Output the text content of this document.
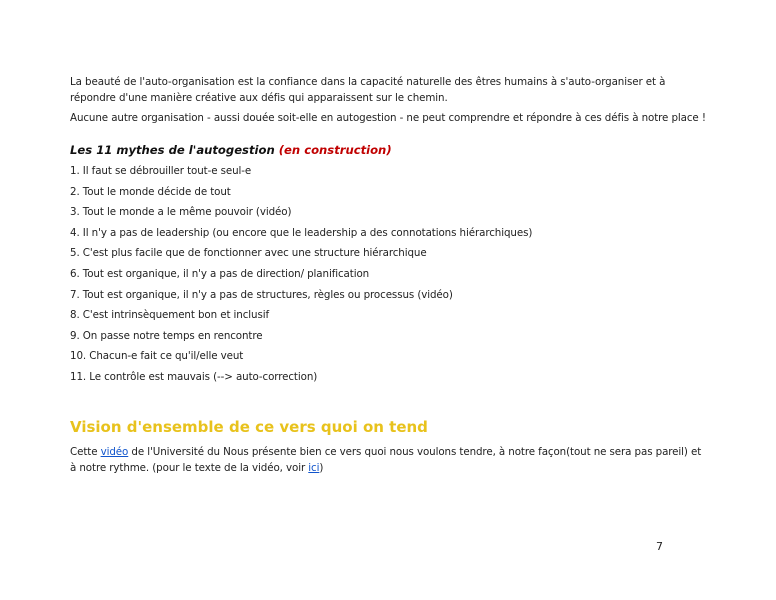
La beauté de l'auto-organisation est la confiance dans la capacité naturelle des êtres humains à s'auto-organiser et à répondre d'une manière créative aux défis qui apparaissent sur le chemin.

Aucune autre organisation - aussi douée soit-elle en autogestion - ne peut comprendre et répondre à ces défis à notre place !

Les 11 mythes de l'autogestion (en construction)

1. Il faut se débrouiller tout-e seul-e

2. Tout le monde décide de tout

3. Tout le monde a le même pouvoir (vidéo)

4. Il n'y a pas de leadership (ou encore que le leadership a des connotations hiérarchiques)

5. C'est plus facile que de fonctionner avec une structure hiérarchique

6. Tout est organique, il n'y a pas de direction/ planification

7. Tout est organique, il n'y a pas de structures, règles ou processus (vidéo)

8. C'est intrinsèquement bon et inclusif

9. On passe notre temps en rencontre

10. Chacun-e fait ce qu'il/elle veut

11. Le contrôle est mauvais (--> auto-correction)

Vision d'ensemble de ce vers quoi on tend

Cette vidéo de l'Université du Nous présente bien ce vers quoi nous voulons tendre, à notre façon(tout ne sera pas pareil) et à notre rythme. (pour le texte de la vidéo, voir ici)

7
